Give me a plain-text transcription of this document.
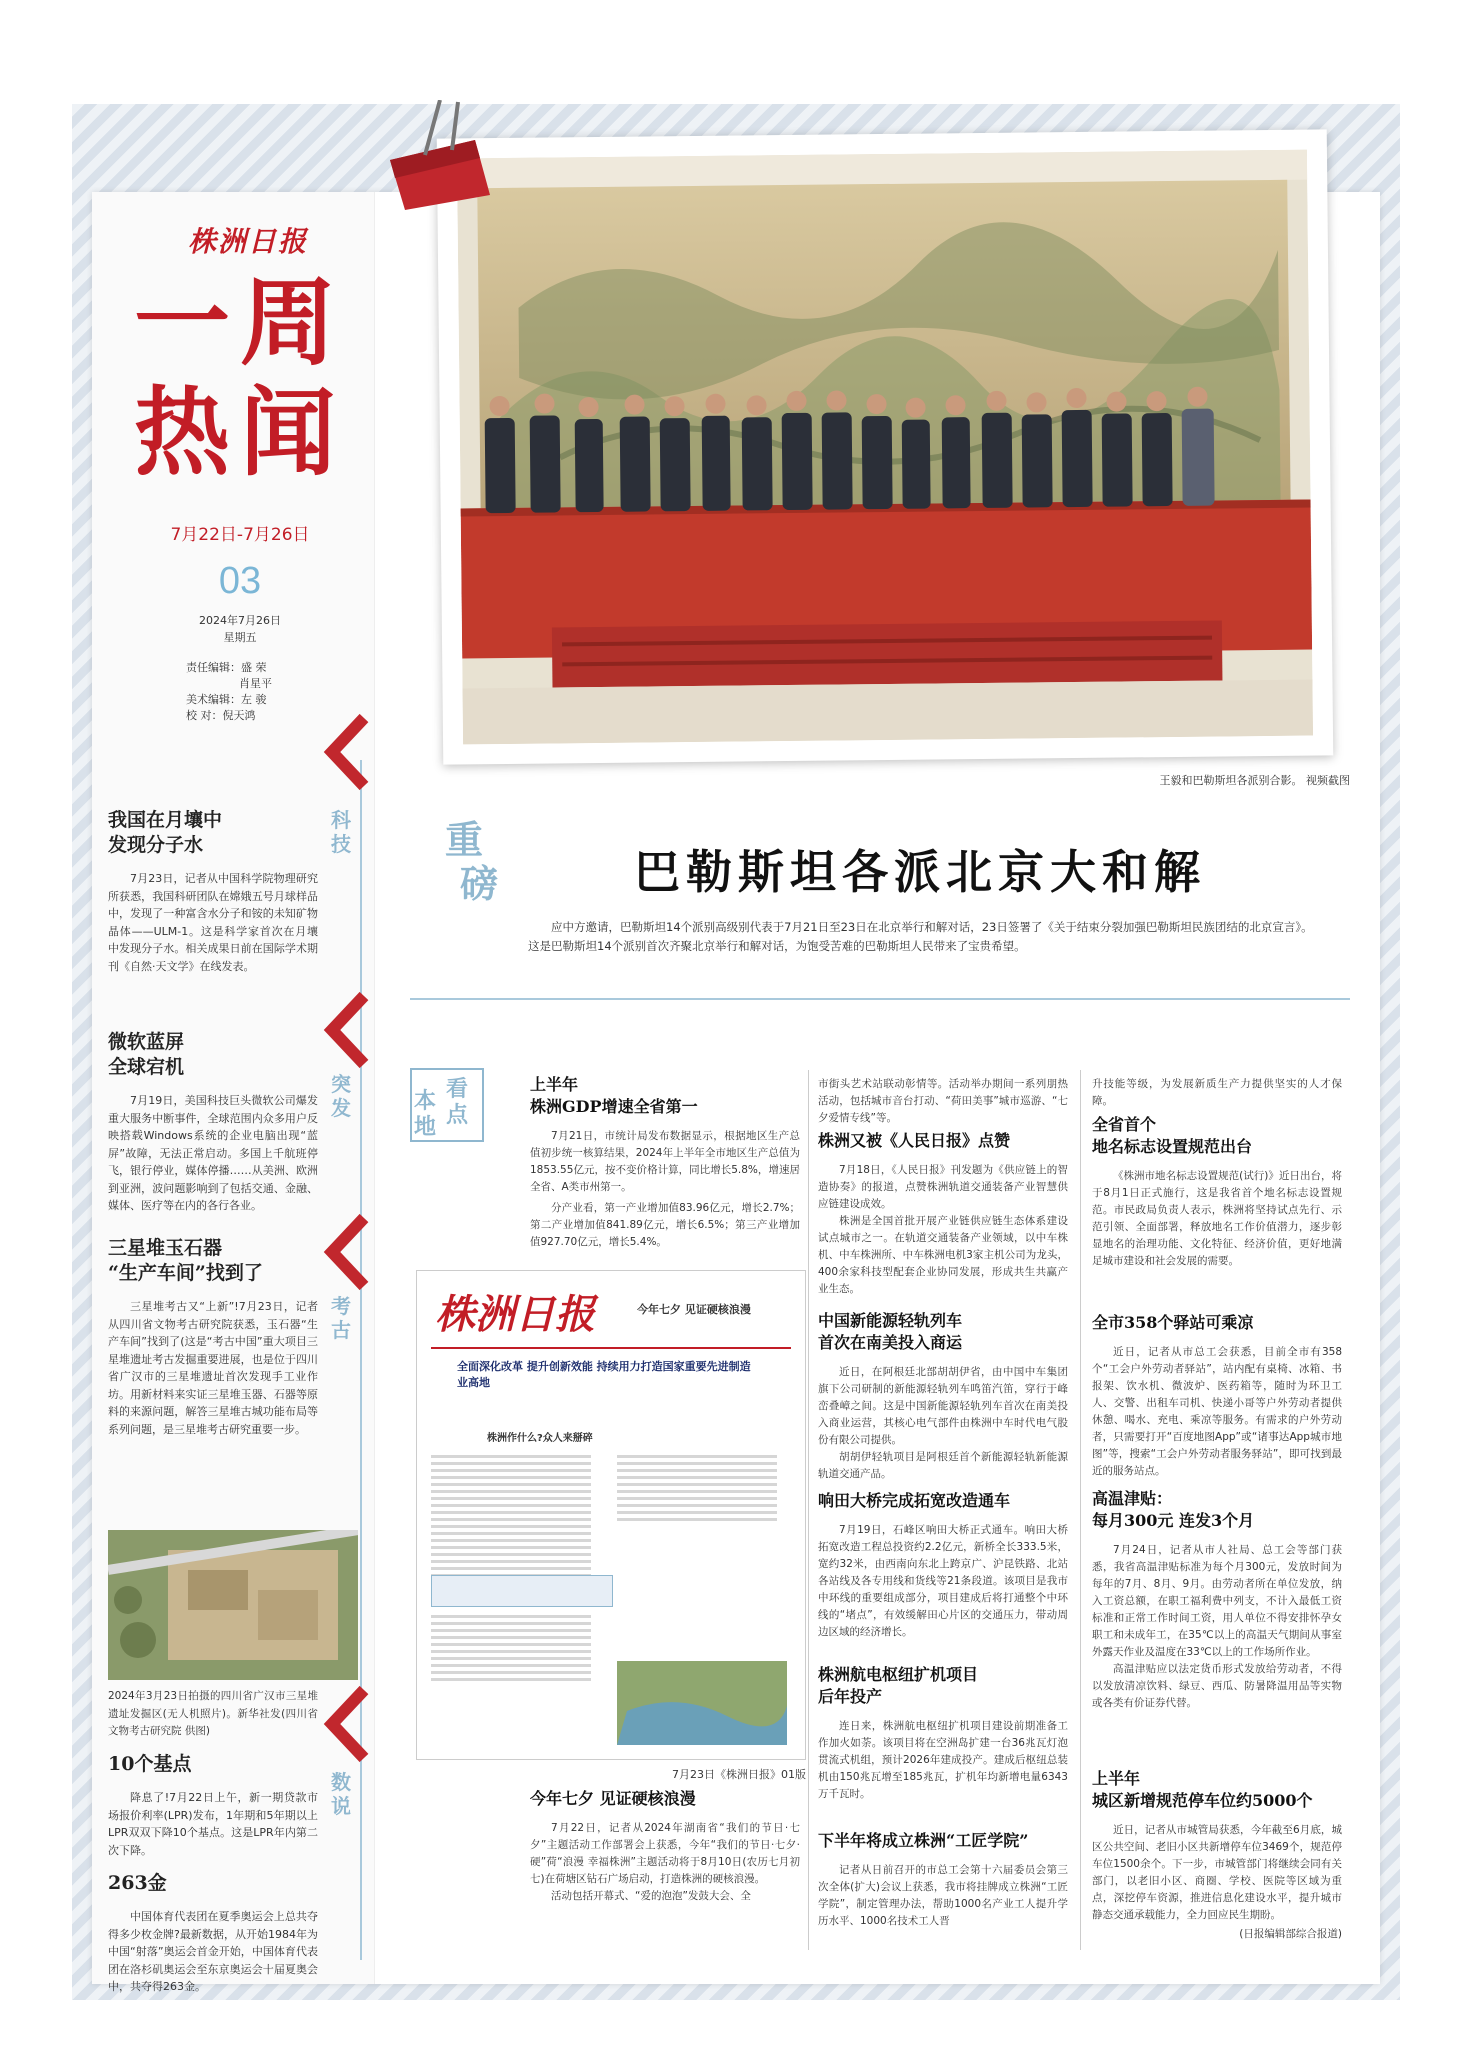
株洲日报
一周
热闻
7月22日-7月26日
03
2024年7月26日
星期五
责任编辑：盛 荣
肖星平
美术编辑：左 骏
校 对：倪天鸿
王毅和巴勒斯坦各派别合影。 视频截图
重
磅	巴勒斯坦各派北京大和解
应中方邀请，巴勒斯坦14个派别高级别代表于7月21日至23日在北京举行和解对话，23日签署了《关于结束分裂加强巴勒斯坦民族团结的北京宣言》。这是巴勒斯坦14个派别首次齐聚北京举行和解对话，为饱受苦难的巴勒斯坦人民带来了宝贵希望。
科
技
我国在月壤中
发现分子水
7月23日，记者从中国科学院物理研究所获悉，我国科研团队在嫦娥五号月球样品中，发现了一种富含水分子和铵的未知矿物晶体——ULM-1。这是科学家首次在月壤中发现分子水。相关成果日前在国际学术期刊《自然·天文学》在线发表。
突
发
微软蓝屏
全球宕机
7月19日，美国科技巨头微软公司爆发重大服务中断事件，全球范围内众多用户反映搭载Windows系统的企业电脑出现“蓝屏”故障，无法正常启动。多国上千航班停飞，银行停业，媒体停播……从美洲、欧洲到亚洲，波问题影响到了包括交通、金融、媒体、医疗等在内的各行各业。
考
古
三星堆玉石器
“生产车间”找到了
三星堆考古又“上新”!7月23日，记者从四川省文物考古研究院获悉，玉石器“生产车间”找到了(这是“考古中国”重大项目三星堆遗址考古发掘重要进展，也是位于四川省广汉市的三星堆遗址首次发现手工业作坊。用新材料来实证三星堆玉器、石器等原料的来源问题，解答三星堆古城功能布局等系列问题，是三星堆考古研究重要一步。
2024年3月23日拍摄的四川省广汉市三星堆遗址发掘区(无人机照片)。新华社发(四川省文物考古研究院 供图)
数
说
10个基点
降息了!7月22日上午，新一期贷款市场报价利率(LPR)发布，1年期和5年期以上LPR双双下降10个基点。这是LPR年内第二次下降。
263金
中国体育代表团在夏季奥运会上总共夺得多少枚金牌?最新数据，从开始1984年为中国“射落”奥运会首金开始，中国体育代表团在洛杉矶奥运会至东京奥运会十届夏奥会中，共夺得263金。
本 看
地 点
上半年
株洲GDP增速全省第一
7月21日，市统计局发布数据显示，根据地区生产总值初步统一核算结果，2024年上半年全市地区生产总值为1853.55亿元，按不变价格计算，同比增长5.8%，增速居全省、A类市州第一。
分产业看，第一产业增加值83.96亿元，增长2.7%；第二产业增加值841.89亿元，增长6.5%；第三产业增加值927.70亿元，增长5.4%。
株洲日报	今年七夕 见证硬核浪漫
全面深化改革 提升创新效能 持续用力打造国家重要先进制造业高地
株洲作什么?众人来掰碎
7月23日《株洲日报》01版
今年七夕 见证硬核浪漫
7月22日，记者从2024年湖南省“我们的节日·七夕”主题活动工作部署会上获悉，今年“我们的节日·七夕·硬”荷“浪漫 幸福株洲”主题活动将于8月10日(农历七月初七)在荷塘区钻石广场启动，打造株洲的硬核浪漫。
活动包括开幕式、“爱的泡泡”发鼓大会、全
市街头艺术站联动彰情等。活动举办期间一系列朋热活动，包括城市音台打动、“荷田美事”城市巡游、“七夕爱情专线”等。
株洲又被《人民日报》点赞
7月18日，《人民日报》刊发题为《供应链上的智造协奏》的报道，点赞株洲轨道交通装备产业智慧供应链建设成效。
株洲是全国首批开展产业链供应链生态体系建设试点城市之一。在轨道交通装备产业领域，以中车株机、中车株洲所、中车株洲电机3家主机公司为龙头，400余家科技型配套企业协同发展，形成共生共赢产业生态。
中国新能源轻轨列车
首次在南美投入商运
近日，在阿根廷北部胡胡伊省，由中国中车集团旗下公司研制的新能源轻轨列车鸣笛汽笛，穿行于峰峦叠嶂之间。这是中国新能源轻轨列车首次在南美投入商业运营，其核心电气部件由株洲中车时代电气股份有限公司提供。
胡胡伊轻轨项目是阿根廷首个新能源轻轨新能源轨道交通产品。
响田大桥完成拓宽改造通车
7月19日，石峰区响田大桥正式通车。响田大桥拓宽改造工程总投资约2.2亿元，新桥全长333.5米，宽约32米，由西南向东北上跨京广、沪昆铁路、北站各站线及各专用线和货线等21条段道。该项目是我市中环线的重要组成部分，项目建成后将打通整个中环线的“堵点”，有效缓解田心片区的交通压力，带动周边区域的经济增长。
株洲航电枢纽扩机项目
后年投产
连日来，株洲航电枢纽扩机项目建设前期准备工作加火如荼。该项目将在空洲岛扩建一台36兆瓦灯泡贯流式机组，预计2026年建成投产。建成后枢纽总装机由150兆瓦增至185兆瓦，扩机年均新增电量6343万千瓦时。
下半年将成立株洲“工匠学院”
记者从日前召开的市总工会第十六届委员会第三次全体(扩大)会议上获悉，我市将挂牌成立株洲“工匠学院”，制定管理办法，帮助1000名产业工人提升学历水平、1000名技术工人晋
升技能等级，为发展新质生产力提供坚实的人才保障。
全省首个
地名标志设置规范出台
《株洲市地名标志设置规范(试行)》近日出台，将于8月1日正式施行，这是我省首个地名标志设置规范。市民政局负责人表示，株洲将坚持试点先行、示范引领、全面部署，释放地名工作价值潜力，逐步彰显地名的治理功能、文化特征、经济价值，更好地满足城市建设和社会发展的需要。
全市358个驿站可乘凉
近日，记者从市总工会获悉，目前全市有358个“工会户外劳动者驿站”，站内配有桌椅、冰箱、书报架、饮水机、微波炉、医药箱等，随时为环卫工人、交警、出租车司机、快递小哥等户外劳动者提供休憩、喝水、充电、乘凉等服务。有需求的户外劳动者，只需要打开“百度地图App”或“诸事达App城市地图”等，搜索“工会户外劳动者服务驿站”，即可找到最近的服务站点。
高温津贴：
每月300元 连发3个月
7月24日，记者从市人社局、总工会等部门获悉，我省高温津贴标准为每个月300元，发放时间为每年的7月、8月、9月。由劳动者所在单位发放，纳入工资总额，在职工福利费中列支，不计入最低工资标准和正常工作时间工资，用人单位不得安排怀孕女职工和未成年工，在35℃以上的高温天气期间从事室外露天作业及温度在33℃以上的工作场所作业。
高温津贴应以法定货币形式发放给劳动者，不得以发放清凉饮料、绿豆、西瓜、防暑降温用品等实物或各类有价证券代替。
上半年
城区新增规范停车位约5000个
近日，记者从市城管局获悉，今年截至6月底，城区公共空间、老旧小区共新增停车位3469个，规范停车位1500余个。下一步，市城管部门将继续会同有关部门，以老旧小区、商圈、学校、医院等区域为重点，深挖停车资源，推进信息化建设水平，提升城市静态交通承载能力，全力回应民生期盼。
(日报编辑部综合报道)
